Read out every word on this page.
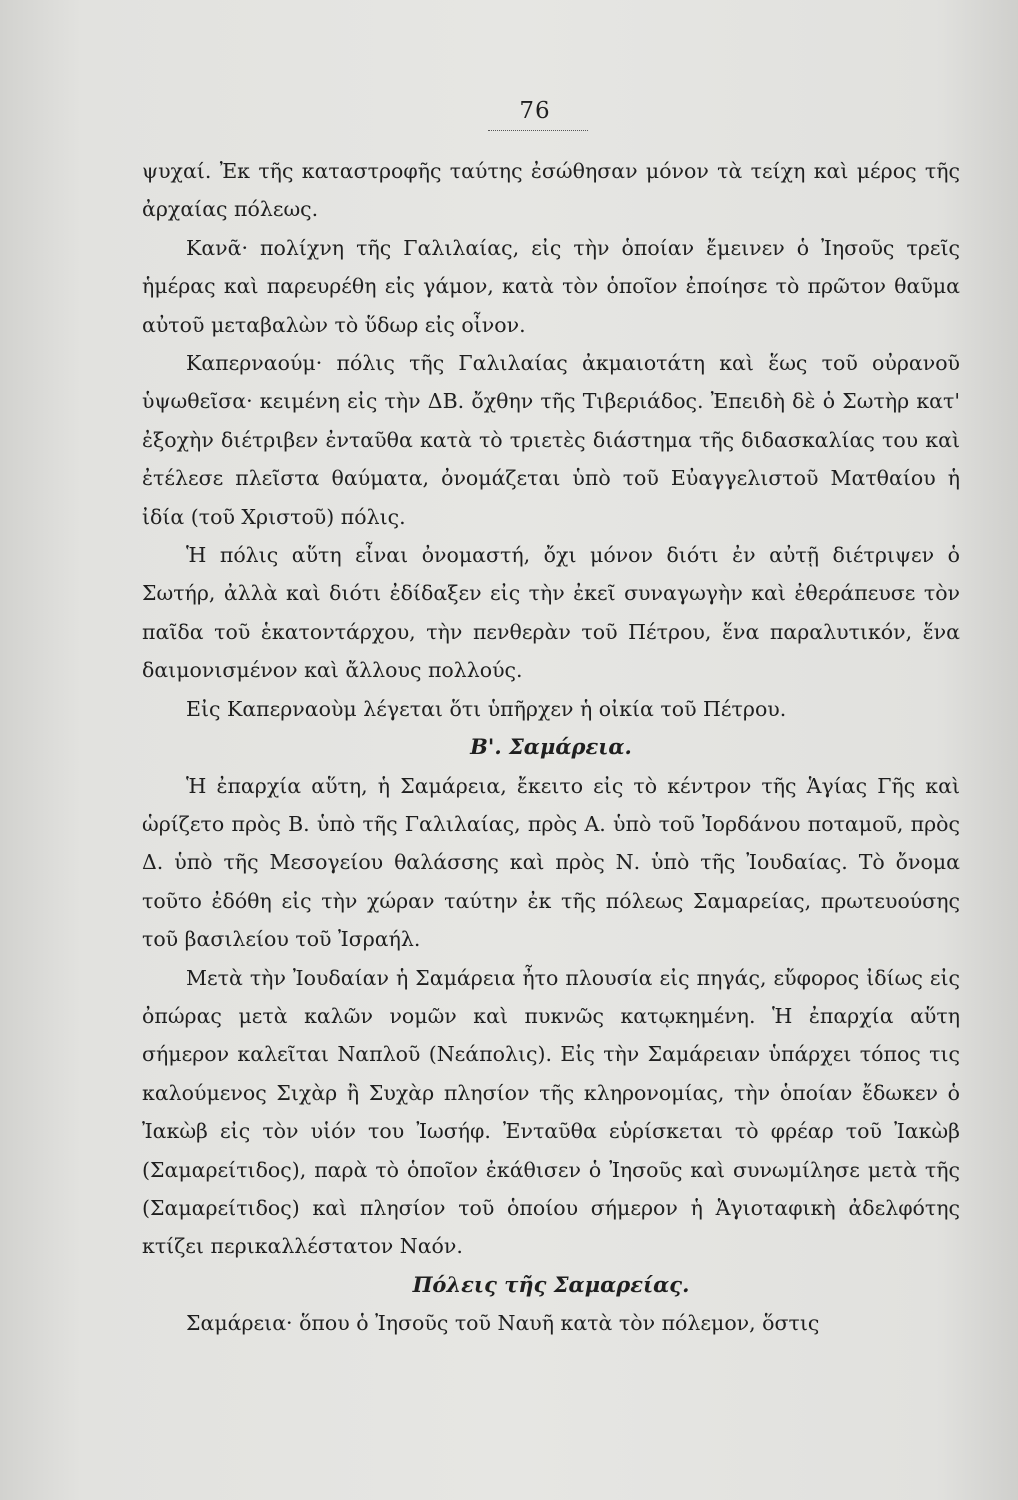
76

ψυχαί. Ἐκ τῆς καταστροφῆς ταύτης ἐσώθησαν μόνον τὰ τείχη καὶ μέρος τῆς ἀρχαίας πόλεως.

Κανᾶ· πολίχνη τῆς Γαλιλαίας, εἰς τὴν ὁποίαν ἔμεινεν ὁ Ἰησοῦς τρεῖς ἡμέρας καὶ παρευρέθη εἰς γάμον, κατὰ τὸν ὁποῖον ἐποίησε τὸ πρῶτον θαῦμα αὐτοῦ μεταβαλὼν τὸ ὕδωρ εἰς οἶνον.

Καπερναούμ· πόλις τῆς Γαλιλαίας ἀκμαιοτάτη καὶ ἕως τοῦ οὐρανοῦ ὑψωθεῖσα· κειμένη εἰς τὴν ΔΒ. ὄχθην τῆς Τιβεριάδος. Ἐπειδὴ δὲ ὁ Σωτὴρ κατ' ἐξοχὴν διέτριβεν ἐνταῦθα κατὰ τὸ τριετὲς διάστημα τῆς διδασκαλίας του καὶ ἐτέλεσε πλεῖστα θαύματα, ὀνομάζεται ὑπὸ τοῦ Εὐαγγελιστοῦ Ματθαίου ἡ ἰδία (τοῦ Χριστοῦ) πόλις.

Ἡ πόλις αὕτη εἶναι ὀνομαστή, ὄχι μόνον διότι ἐν αὐτῇ διέτριψεν ὁ Σωτήρ, ἀλλὰ καὶ διότι ἐδίδαξεν εἰς τὴν ἐκεῖ συναγωγὴν καὶ ἐθεράπευσε τὸν παῖδα τοῦ ἑκατοντάρχου, τὴν πενθερὰν τοῦ Πέτρου, ἕνα παραλυτικόν, ἕνα δαιμονισμένον καὶ ἄλλους πολλούς.

Εἰς Καπερναοὺμ λέγεται ὅτι ὑπῆρχεν ἡ οἰκία τοῦ Πέτρου.

Β'. Σαμάρεια.

Ἡ ἐπαρχία αὕτη, ἡ Σαμάρεια, ἔκειτο εἰς τὸ κέντρον τῆς Ἁγίας Γῆς καὶ ὡρίζετο πρὸς Β. ὑπὸ τῆς Γαλιλαίας, πρὸς Α. ὑπὸ τοῦ Ἰορδάνου ποταμοῦ, πρὸς Δ. ὑπὸ τῆς Μεσογείου θαλάσσης καὶ πρὸς Ν. ὑπὸ τῆς Ἰουδαίας. Τὸ ὄνομα τοῦτο ἐδόθη εἰς τὴν χώραν ταύτην ἐκ τῆς πόλεως Σαμαρείας, πρωτευούσης τοῦ βασιλείου τοῦ Ἰσραήλ.

Μετὰ τὴν Ἰουδαίαν ἡ Σαμάρεια ἦτο πλουσία εἰς πηγάς, εὔφορος ἰδίως εἰς ὀπώρας μετὰ καλῶν νομῶν καὶ πυκνῶς κατῳκημένη. Ἡ ἐπαρχία αὕτη σήμερον καλεῖται Ναπλοῦ (Νεάπολις). Εἰς τὴν Σαμάρειαν ὑπάρχει τόπος τις καλούμενος Σιχὰρ ἢ Συχὰρ πλησίον τῆς κληρονομίας, τὴν ὁποίαν ἔδωκεν ὁ Ἰακὼβ εἰς τὸν υἱόν του Ἰωσήφ. Ἐνταῦθα εὑρίσκεται τὸ φρέαρ τοῦ Ἰακὼβ (Σαμαρείτιδος), παρὰ τὸ ὁποῖον ἐκάθισεν ὁ Ἰησοῦς καὶ συνωμίλησε μετὰ τῆς (Σαμαρείτιδος) καὶ πλησίον τοῦ ὁποίου σήμερον ἡ Ἁγιοταφικὴ ἀδελφότης κτίζει περικαλλέστατον Ναόν.

Πόλεις τῆς Σαμαρείας.

Σαμάρεια· ὅπου ὁ Ἰησοῦς τοῦ Ναυῆ κατὰ τὸν πόλεμον, ὅστις
